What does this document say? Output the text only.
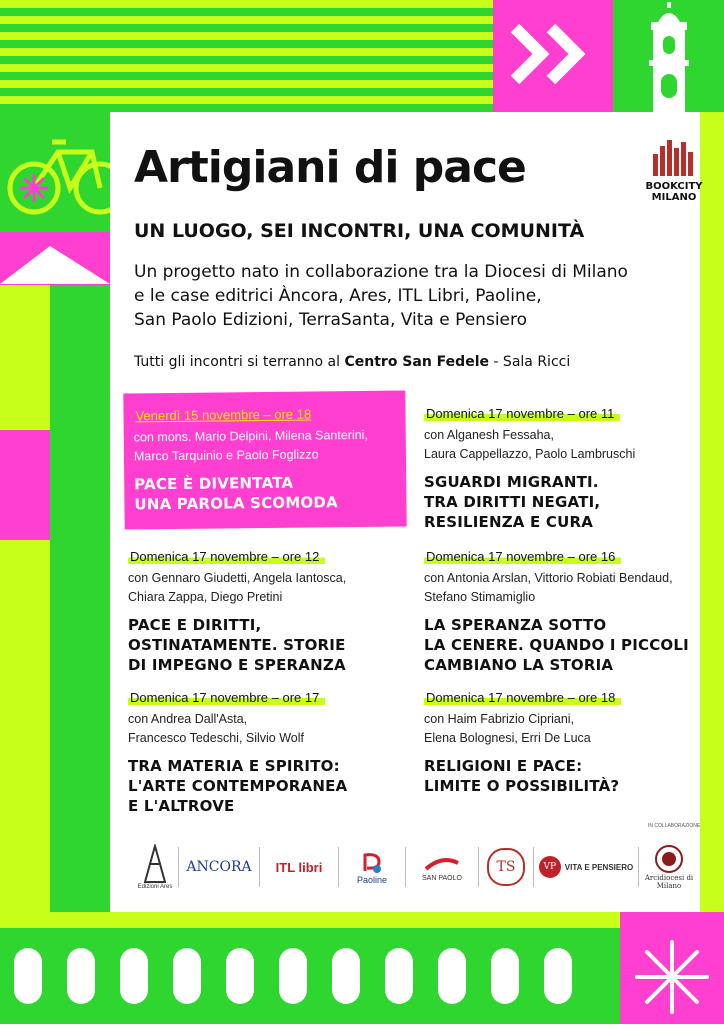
Artigiani di pace	BOOKCITY
MILANO
UN LUOGO, SEI INCONTRI, UNA COMUNITÀ
Un progetto nato in collaborazione tra la Diocesi di Milano
e le case editrici Àncora, Ares, ITL Libri, Paoline,
San Paolo Edizioni, TerraSanta, Vita e Pensiero
Tutti gli incontri si terranno al Centro San Fedele - Sala Ricci
Venerdì 15 novembre – ore 18
con mons. Mario Delpini, Milena Santerini,
Marco Tarquinio e Paolo Foglizzo
PACE È DIVENTATA
UNA PAROLA SCOMODA
Domenica 17 novembre – ore 11
con Alganesh Fessaha,
Laura Cappellazzo, Paolo Lambruschi
SGUARDI MIGRANTI.
TRA DIRITTI NEGATI,
RESILIENZA E CURA
Domenica 17 novembre – ore 12
con Gennaro Giudetti, Angela Iantosca,
Chiara Zappa, Diego Pretini
PACE E DIRITTI,
OSTINATAMENTE. STORIE
DI IMPEGNO E SPERANZA
Domenica 17 novembre – ore 16
con Antonia Arslan, Vittorio Robiati Bendaud,
Stefano Stimamiglio
LA SPERANZA SOTTO
LA CENERE. QUANDO I PICCOLI
CAMBIANO LA STORIA
Domenica 17 novembre – ore 17
con Andrea Dall'Asta,
Francesco Tedeschi, Silvio Wolf
TRA MATERIA E SPIRITO:
L'ARTE CONTEMPORANEA
E L'ALTROVE
Domenica 17 novembre – ore 18
con Haim Fabrizio Cipriani,
Elena Bolognesi, Erri De Luca
RELIGIONI E PACE:
LIMITE O POSSIBILITÀ?
IN COLLABORAZIONE
Edizioni Ares
ANCORA ITL libri
Paoline	SAN PAOLO
TS	VP	VITA E PENSIERO
Arcidiocesi di Milano
